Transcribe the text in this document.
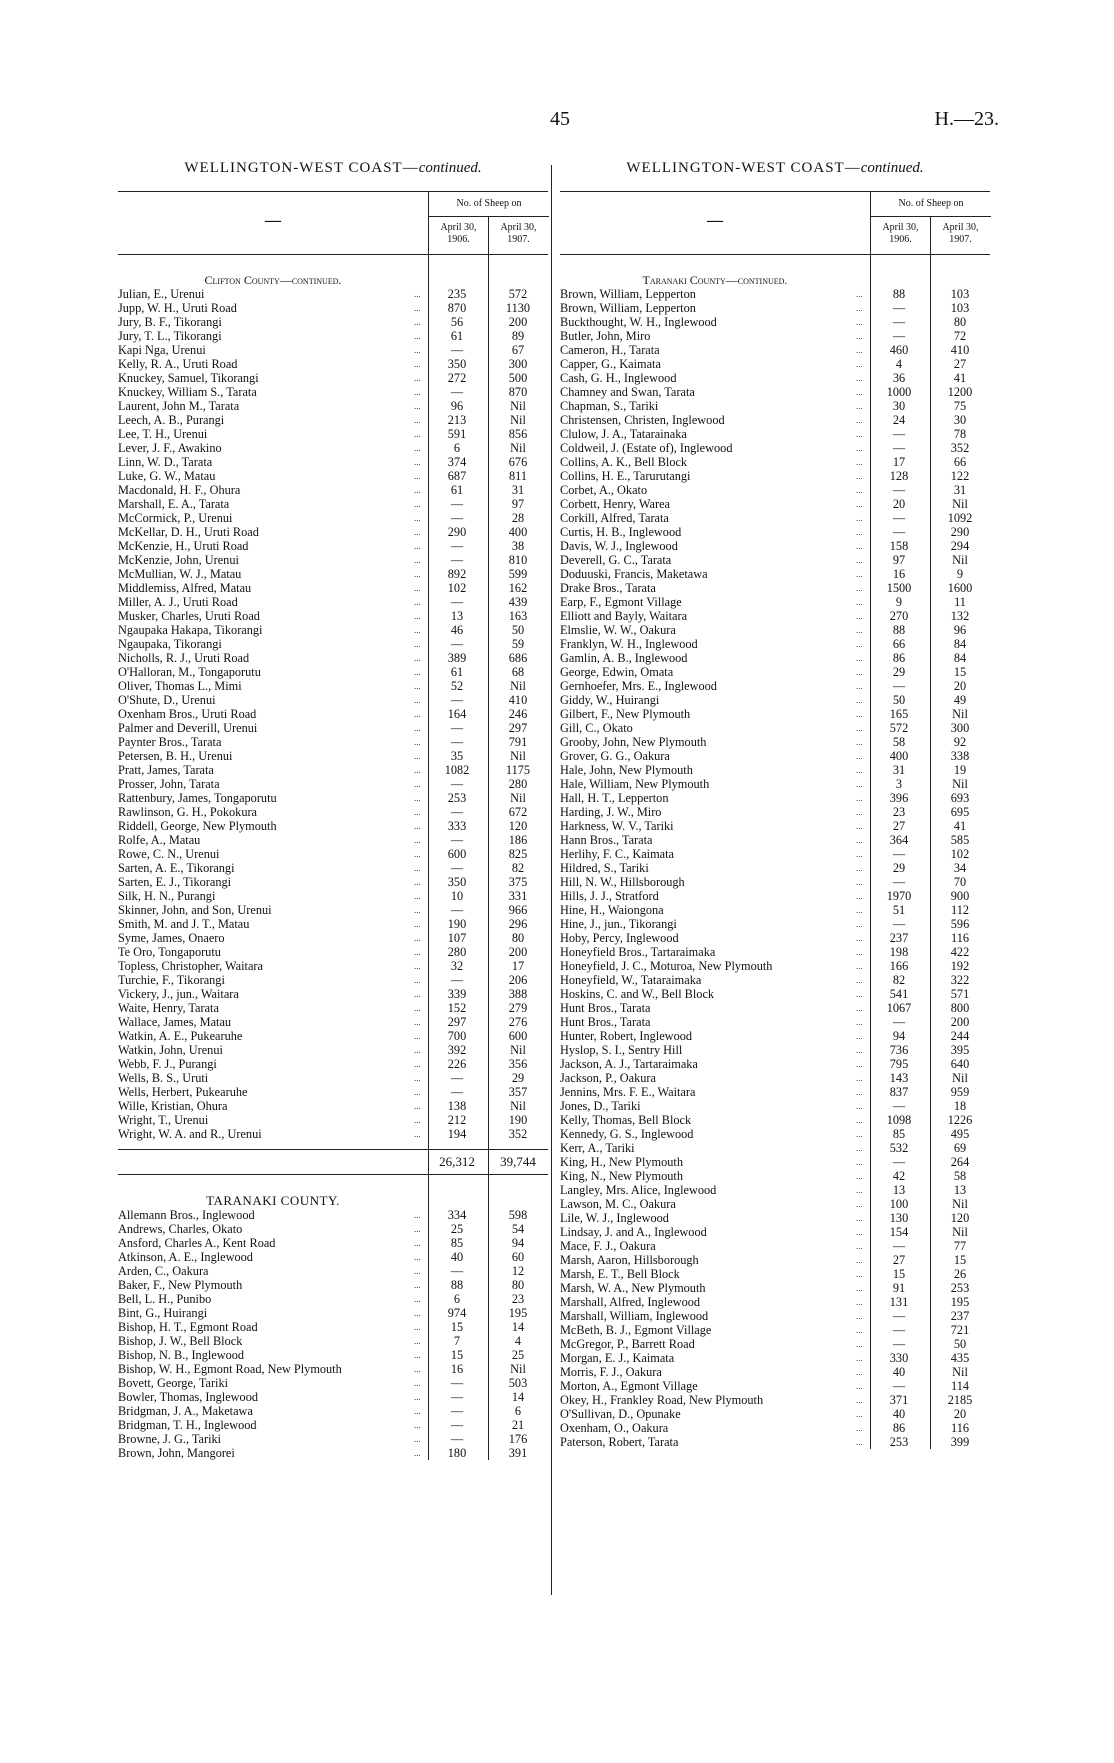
45	H.—23.
WELLINGTON-WEST COAST—continued.
—
No. of Sheep on
April 30, 1906.
April 30, 1907.
Clifton County—continued.
Julian, E., Urenui	...	235	572
Jupp, W. H., Uruti Road	...	870	1130
Jury, B. F., Tikorangi	...	56	200
Jury, T. L., Tikorangi	...	61	89
Kapi Nga, Urenui	...	—	67
Kelly, R. A., Uruti Road	...	350	300
Knuckey, Samuel, Tikorangi	...	272	500
Knuckey, William S., Tarata	...	—	870
Laurent, John M., Tarata	...	96	Nil
Leech, A. B., Purangi	...	213	Nil
Lee, T. H., Urenui	...	591	856
Lever, J. F., Awakino	...	6	Nil
Linn, W. D., Tarata	...	374	676
Luke, G. W., Matau	...	687	811
Macdonald, H. F., Ohura	...	61	31
Marshall, E. A., Tarata	...	—	97
McCormick, P., Urenui	...	—	28
McKellar, D. H., Uruti Road	...	290	400
McKenzie, H., Uruti Road	...	—	38
McKenzie, John, Urenui	...	—	810
McMullian, W. J., Matau	...	892	599
Middlemiss, Alfred, Matau	...	102	162
Miller, A. J., Uruti Road	...	—	439
Musker, Charles, Uruti Road	...	13	163
Ngaupaka Hakapa, Tikorangi	...	46	50
Ngaupaka, Tikorangi	...	—	59
Nicholls, R. J., Uruti Road	...	389	686
O'Halloran, M., Tongaporutu	...	61	68
Oliver, Thomas L., Mimi	...	52	Nil
O'Shute, D., Urenui	...	—	410
Oxenham Bros., Uruti Road	...	164	246
Palmer and Deverill, Urenui	...	—	297
Paynter Bros., Tarata	...	—	791
Petersen, B. H., Urenui	...	35	Nil
Pratt, James, Tarata	...	1082	1175
Prosser, John, Tarata	...	—	280
Rattenbury, James, Tongaporutu	...	253	Nil
Rawlinson, G. H., Pokokura	...	—	672
Riddell, George, New Plymouth	...	333	120
Rolfe, A., Matau	...	—	186
Rowe, C. N., Urenui	...	600	825
Sarten, A. E., Tikorangi	...	—	82
Sarten, E. J., Tikorangi	...	350	375
Silk, H. N., Purangi	...	10	331
Skinner, John, and Son, Urenui	...	—	966
Smith, M. and J. T., Matau	...	190	296
Syme, James, Onaero	...	107	80
Te Oro, Tongaporutu	...	280	200
Topless, Christopher, Waitara	...	32	17
Turchie, F., Tikorangi	...	—	206
Vickery, J., jun., Waitara	...	339	388
Waite, Henry, Tarata	...	152	279
Wallace, James, Matau	...	297	276
Watkin, A. E., Pukearuhe	...	700	600
Watkin, John, Urenui	...	392	Nil
Webb, F. J., Purangi	...	226	356
Wells, B. S., Uruti	...	—	29
Wells, Herbert, Pukearuhe	...	—	357
Wille, Kristian, Ohura	...	138	Nil
Wright, T., Urenui	...	212	190
Wright, W. A. and R., Urenui	...	194	352
26,312	39,744
TARANAKI COUNTY.
Allemann Bros., Inglewood	...	334	598
Andrews, Charles, Okato	...	25	54
Ansford, Charles A., Kent Road	...	85	94
Atkinson, A. E., Inglewood	...	40	60
Arden, C., Oakura	...	—	12
Baker, F., New Plymouth	...	88	80
Bell, L. H., Punibo	...	6	23
Bint, G., Huirangi	...	974	195
Bishop, H. T., Egmont Road	...	15	14
Bishop, J. W., Bell Block	...	7	4
Bishop, N. B., Inglewood	...	15	25
Bishop, W. H., Egmont Road, New Plymouth	...	16	Nil
Bovett, George, Tariki	...	—	503
Bowler, Thomas, Inglewood	...	—	14
Bridgman, J. A., Maketawa	...	—	6
Bridgman, T. H., Inglewood	...	—	21
Browne, J. G., Tariki	...	—	176
Brown, John, Mangorei	...	180	391
WELLINGTON-WEST COAST—continued.
—
No. of Sheep on
April 30, 1906.
April 30, 1907.
Taranaki County—continued.
Brown, William, Lepperton	...	88	103
Brown, William, Lepperton	...	—	103
Buckthought, W. H., Inglewood	...	—	80
Butler, John, Miro	...	—	72
Cameron, H., Tarata	...	460	410
Capper, G., Kaimata	...	4	27
Cash, G. H., Inglewood	...	36	41
Chamney and Swan, Tarata	...	1000	1200
Chapman, S., Tariki	...	30	75
Christensen, Christen, Inglewood	...	24	30
Clulow, J. A., Tatarainaka	...	—	78
Coldweil, J. (Estate of), Inglewood	...	—	352
Collins, A. K., Bell Block	...	17	66
Collins, H. E., Tarurutangi	...	128	122
Corbet, A., Okato	...	—	31
Corbett, Henry, Warea	...	20	Nil
Corkill, Alfred, Tarata	...	—	1092
Curtis, H. B., Inglewood	...	—	290
Davis, W. J., Inglewood	...	158	294
Deverell, G. C., Tarata	...	97	Nil
Doduuski, Francis, Maketawa	...	16	9
Drake Bros., Tarata	...	1500	1600
Earp, F., Egmont Village	...	9	11
Elliott and Bayly, Waitara	...	270	132
Elmslie, W. W., Oakura	...	88	96
Franklyn, W. H., Inglewood	...	66	84
Gamlin, A. B., Inglewood	...	86	84
George, Edwin, Omata	...	29	15
Gernhoefer, Mrs. E., Inglewood	...	—	20
Giddy, W., Huirangi	...	50	49
Gilbert, F., New Plymouth	...	165	Nil
Gill, C., Okato	...	572	300
Grooby, John, New Plymouth	...	58	92
Grover, G. G., Oakura	...	400	338
Hale, John, New Plymouth	...	31	19
Hale, William, New Plymouth	...	3	Nil
Hall, H. T., Lepperton	...	396	693
Harding, J. W., Miro	...	23	695
Harkness, W. V., Tariki	...	27	41
Hann Bros., Tarata	...	364	585
Herlihy, F. C., Kaimata	...	—	102
Hildred, S., Tariki	...	29	34
Hill, N. W., Hillsborough	...	—	70
Hills, J. J., Stratford	...	1970	900
Hine, H., Waiongona	...	51	112
Hine, J., jun., Tikorangi	...	—	596
Hoby, Percy, Inglewood	...	237	116
Honeyfield Bros., Tartaraimaka	...	198	422
Honeyfield, J. C., Moturoa, New Plymouth	...	166	192
Honeyfield, W., Tataraimaka	...	82	322
Hoskins, C. and W., Bell Block	...	541	571
Hunt Bros., Tarata	...	1067	800
Hunt Bros., Tarata	...	—	200
Hunter, Robert, Inglewood	...	94	244
Hyslop, S. I., Sentry Hill	...	736	395
Jackson, A. J., Tartaraimaka	...	795	640
Jackson, P., Oakura	...	143	Nil
Jennins, Mrs. F. E., Waitara	...	837	959
Jones, D., Tariki	...	—	18
Kelly, Thomas, Bell Block	...	1098	1226
Kennedy, G. S., Inglewood	...	85	495
Kerr, A., Tariki	...	532	69
King, H., New Plymouth	...	—	264
King, N., New Plymouth	...	42	58
Langley, Mrs. Alice, Inglewood	...	13	13
Lawson, M. C., Oakura	...	100	Nil
Lile, W. J., Inglewood	...	130	120
Lindsay, J. and A., Inglewood	...	154	Nil
Mace, F. J., Oakura	...	—	77
Marsh, Aaron, Hillsborough	...	27	15
Marsh, E. T., Bell Block	...	15	26
Marsh, W. A., New Plymouth	...	91	253
Marshall, Alfred, Inglewood	...	131	195
Marshall, William, Inglewood	...	—	237
McBeth, B. J., Egmont Village	...	—	721
McGregor, P., Barrett Road	...	—	50
Morgan, E. J., Kaimata	...	330	435
Morris, F. J., Oakura	...	40	Nil
Morton, A., Egmont Village	...	—	114
Okey, H., Frankley Road, New Plymouth	...	371	2185
O'Sullivan, D., Opunake	...	40	20
Oxenham, O., Oakura	...	86	116
Paterson, Robert, Tarata	...	253	399
